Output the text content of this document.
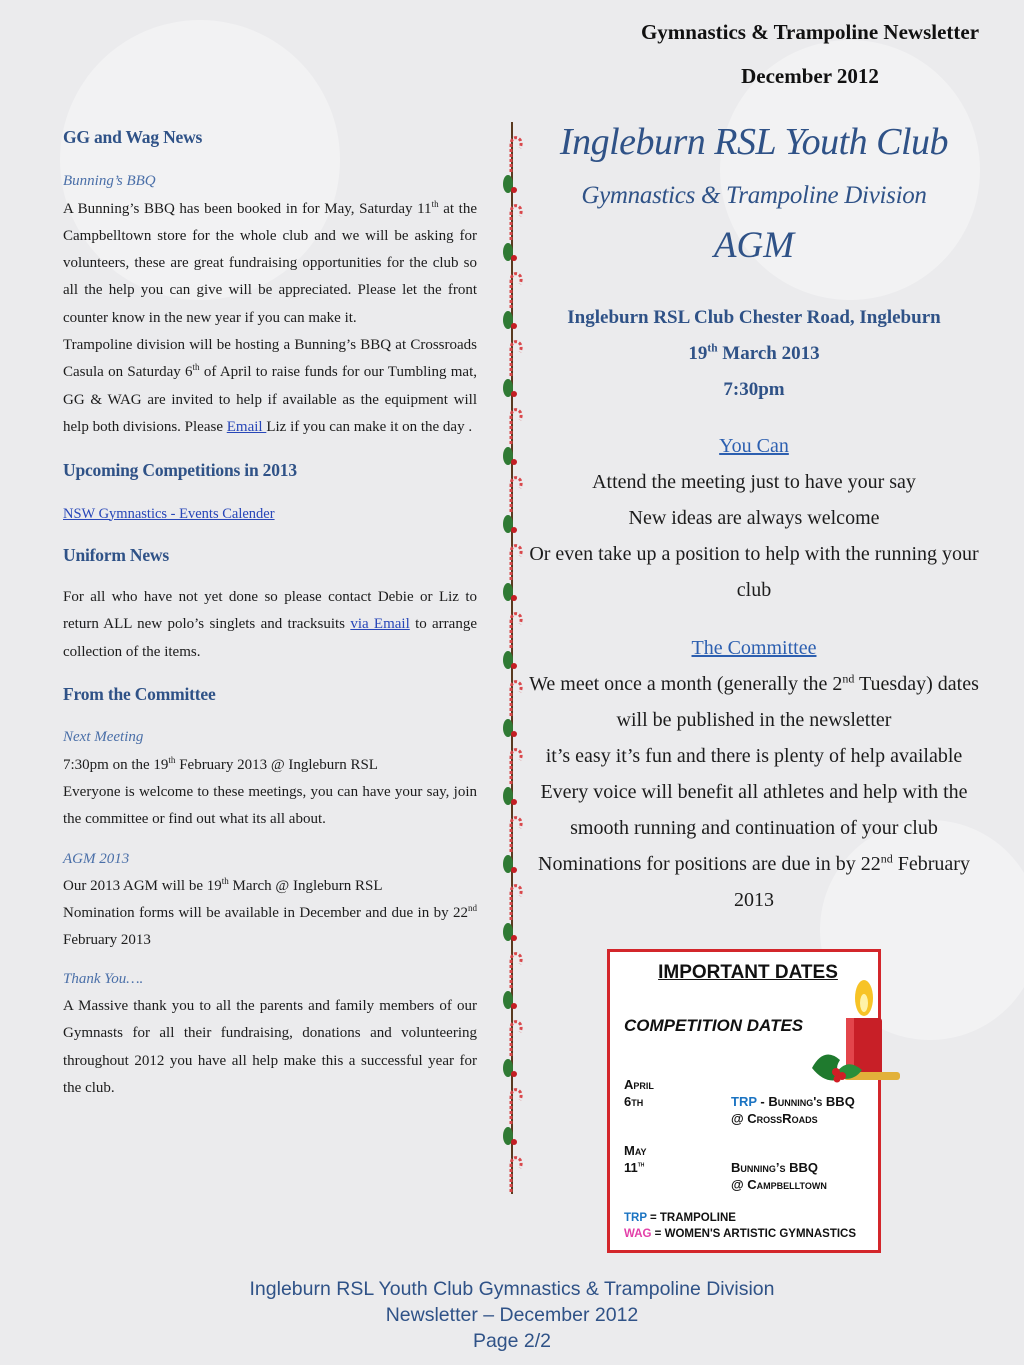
Gymnastics & Trampoline Newsletter
December 2012
GG and Wag News
Bunning’s BBQ

A Bunning’s BBQ has been booked in for May, Saturday 11th at the Campbelltown store for the whole club and we will be asking for volunteers, these are great fundraising opportunities for the club so all the help you can give will be appreciated. Please let the front counter know in the new year if you can make it.

Trampoline division will be hosting a Bunning’s BBQ at Crossroads Casula on Saturday 6th of April to raise funds for our Tumbling mat, GG & WAG are invited to help if available as the equipment will help both divisions. Please Email Liz if you can make it on the day .

Upcoming Competitions in 2013
NSW Gymnastics - Events Calender
Uniform News

For all who have not yet done so please contact Debie or Liz to return ALL new polo’s singlets and tracksuits via Email to arrange collection of the items.

From the Committee
Next Meeting

7:30pm on the 19th February 2013 @ Ingleburn RSL

Everyone is welcome to these meetings, you can have your say, join the committee or find out what its all about.

AGM 2013

Our 2013 AGM will be 19th March @ Ingleburn RSL

Nomination forms will be available in December and due in by 22nd February 2013

Thank You….

A Massive thank you to all the parents and family members of our Gymnasts for all their fundraising, donations and volunteering throughout 2012 you have all help make this a successful year for the club.

Ingleburn RSL Youth Club
Gymnastics & Trampoline Division
AGM
Ingleburn RSL Club Chester Road, Ingleburn
19th March 2013
7:30pm
You Can
Attend the meeting just to have your say
New ideas are always welcome
Or even take up a position to help with the running your club
The Committee
We meet once a month (generally the 2nd Tuesday) dates will be published in the newsletter
it’s easy it’s fun and there is plenty of help available
Every voice will benefit all athletes and help with the smooth running and continuation of your club
Nominations for positions are due in by 22nd February 2013
IMPORTANT DATES
COMPETITION DATES
April
6th	TRP - Bunning's BBQ
@ CrossRoads
May
11th	Bunning’s BBQ
@ Campbelltown
TRP = TRAMPOLINE
WAG = WOMEN'S ARTISTIC GYMNASTICS
Ingleburn RSL Youth Club Gymnastics & Trampoline Division
Newsletter – December 2012
Page 2/2
